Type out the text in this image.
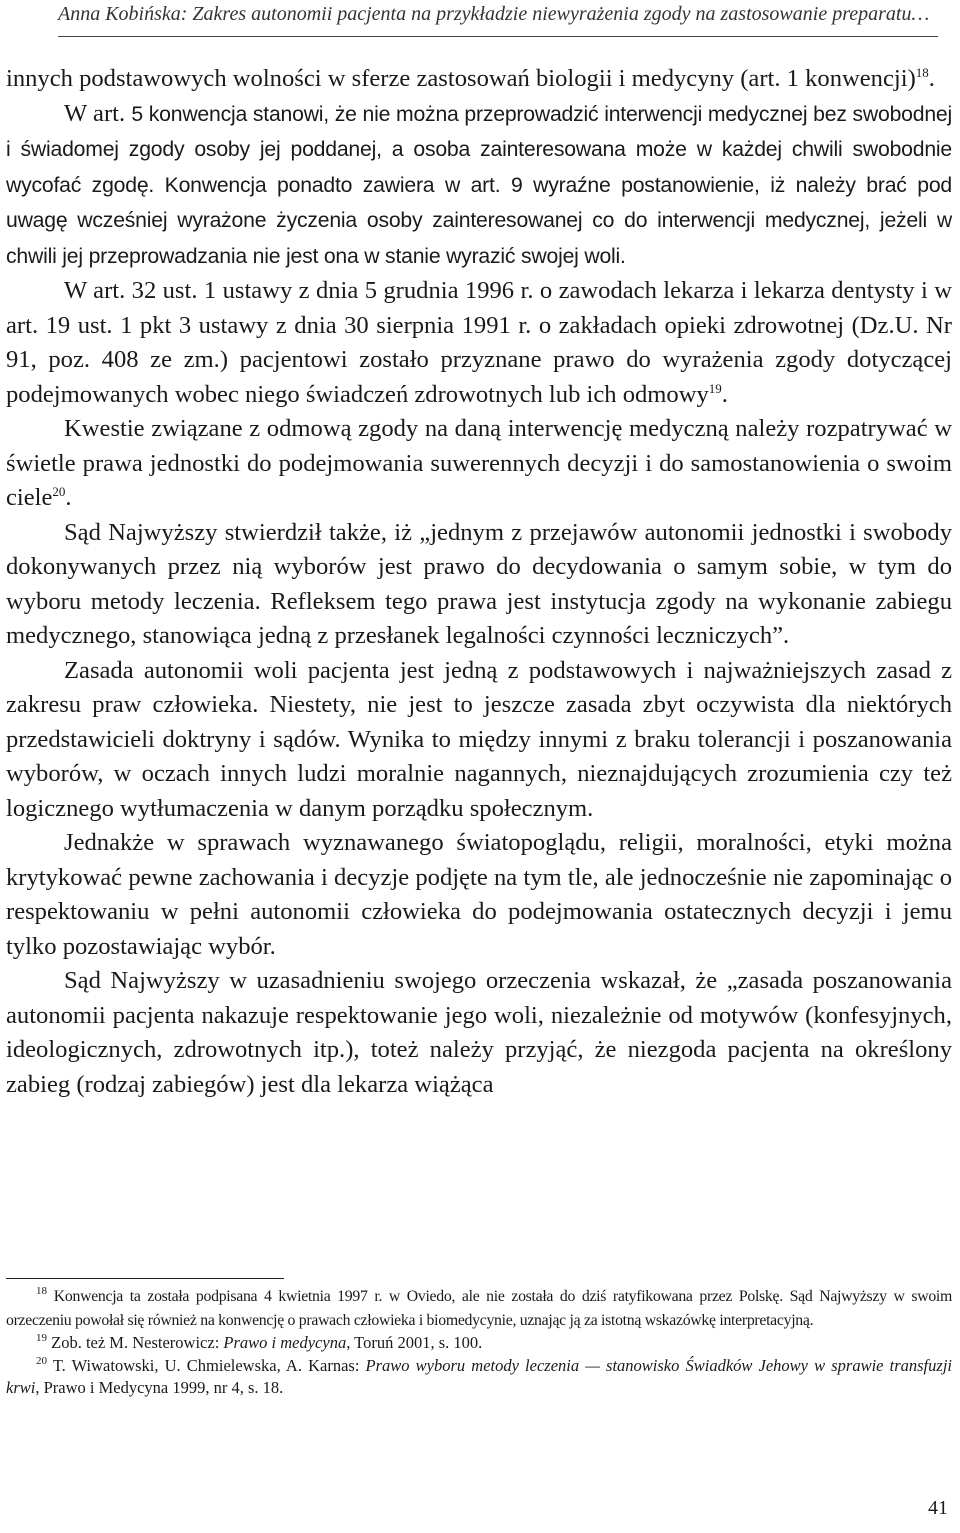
Anna Kobińska: Zakres autonomii pacjenta na przykładzie niewyrażenia zgody na zastosowanie preparatu…

innych podstawowych wolności w sferze zastosowań biologii i medycyny (art. 1 konwencji)$^{18}$.

W art. 5 konwencja stanowi, że nie można przeprowadzić interwencji medycznej bez swobodnej i świadomej zgody osoby jej poddanej, a osoba zainteresowana może w każdej chwili swobodnie wycofać zgodę. Konwencja ponadto zawiera w art. 9 wyraźne postanowienie, iż należy brać pod uwagę wcześniej wyrażone życzenia osoby zainteresowanej co do interwencji medycznej, jeżeli w chwili jej przeprowadzania nie jest ona w stanie wyrazić swojej woli.

W art. 32 ust. 1 ustawy z dnia 5 grudnia 1996 r. o zawodach lekarza i lekarza dentysty i w art. 19 ust. 1 pkt 3 ustawy z dnia 30 sierpnia 1991 r. o zakładach opieki zdrowotnej (Dz.U. Nr 91, poz. 408 ze zm.) pacjentowi zostało przyznane prawo do wyrażenia zgody dotyczącej podejmowanych wobec niego świadczeń zdrowotnych lub ich odmowy$^{19}$.

Kwestie związane z odmową zgody na daną interwencję medyczną należy rozpatrywać w świetle prawa jednostki do podejmowania suwerennych decyzji i do samostanowienia o swoim ciele$^{20}$.

Sąd Najwyższy stwierdził także, iż „jednym z przejawów autonomii jednostki i swobody dokonywanych przez nią wyborów jest prawo do decydowania o samym sobie, w tym do wyboru metody leczenia. Refleksem tego prawa jest instytucja zgody na wykonanie zabiegu medycznego, stanowiąca jedną z przesłanek legalności czynności leczniczych”.

Zasada autonomii woli pacjenta jest jedną z podstawowych i najważniejszych zasad z zakresu praw człowieka. Niestety, nie jest to jeszcze zasada zbyt oczywista dla niektórych przedstawicieli doktryny i sądów. Wynika to między innymi z braku tolerancji i poszanowania wyborów, w oczach innych ludzi moralnie nagannych, nieznajdujących zrozumienia czy też logicznego wytłumaczenia w danym porządku społecznym.

Jednakże w sprawach wyznawanego światopoglądu, religii, moralności, etyki można krytykować pewne zachowania i decyzje podjęte na tym tle, ale jednocześnie nie zapominając o respektowaniu w pełni autonomii człowieka do podejmowania ostatecznych decyzji i jemu tylko pozostawiając wybór.

Sąd Najwyższy w uzasadnieniu swojego orzeczenia wskazał, że „zasada poszanowania autonomii pacjenta nakazuje respektowanie jego woli, niezależnie od motywów (konfesyjnych, ideologicznych, zdrowotnych itp.), toteż należy przyjąć, że niezgoda pacjenta na określony zabieg (rodzaj zabiegów) jest dla lekarza wiążąca

$^{18}$ Konwencja ta została podpisana 4 kwietnia 1997 r. w Oviedo, ale nie została do dziś ratyfikowana przez Polskę. Sąd Najwyższy w swoim orzeczeniu powołał się również na konwencję o prawach człowieka i biomedycynie, uznając ją za istotną wskazówkę interpretacyjną.

$^{19}$ Zob. też M. Nesterowicz: Prawo i medycyna, Toruń 2001, s. 100.

$^{20}$ T. Wiwatowski, U. Chmielewska, A. Karnas: Prawo wyboru metody leczenia — stanowisko Świadków Jehowy w sprawie transfuzji krwi, Prawo i Medycyna 1999, nr 4, s. 18.

41
